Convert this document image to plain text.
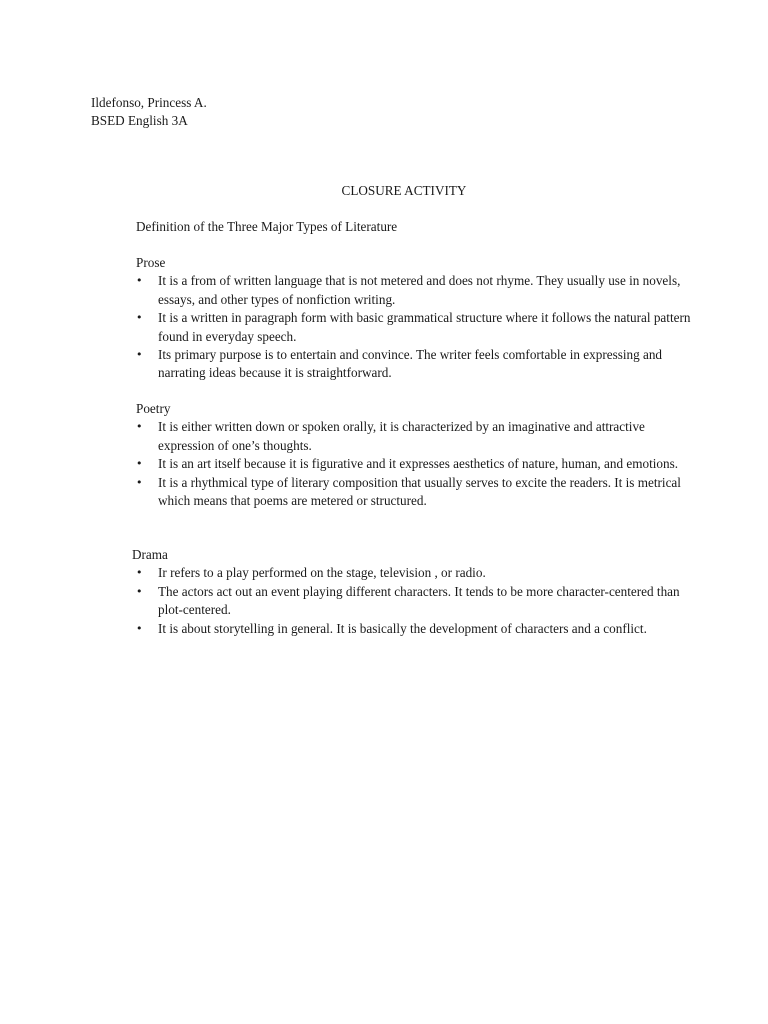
Ildefonso, Princess A.
BSED English 3A
CLOSURE ACTIVITY
Definition of the Three Major Types of Literature
Prose
•	It is a from of written language that is not metered and does not rhyme. They usually use in novels, essays, and other types of nonfiction writing.
•	It is a written in paragraph form with basic grammatical structure where it follows the natural pattern found in everyday speech.
•	Its primary purpose is to entertain and convince. The writer feels comfortable in expressing and narrating ideas because it is straightforward.
Poetry
•	It is either written down or spoken orally, it is characterized by an imaginative and attractive expression of one’s thoughts.
•	It is an art itself because it is figurative and it expresses aesthetics of nature, human, and emotions.
•	It is a rhythmical type of literary composition that usually serves to excite the readers. It is metrical which means that poems are metered or structured.
Drama
•	Ir refers to a play performed on the stage, television , or radio.
•	The actors act out an event playing different characters. It tends to be more character-centered than plot-centered.
•	It is about storytelling in general. It is basically the development of characters and a conflict.
